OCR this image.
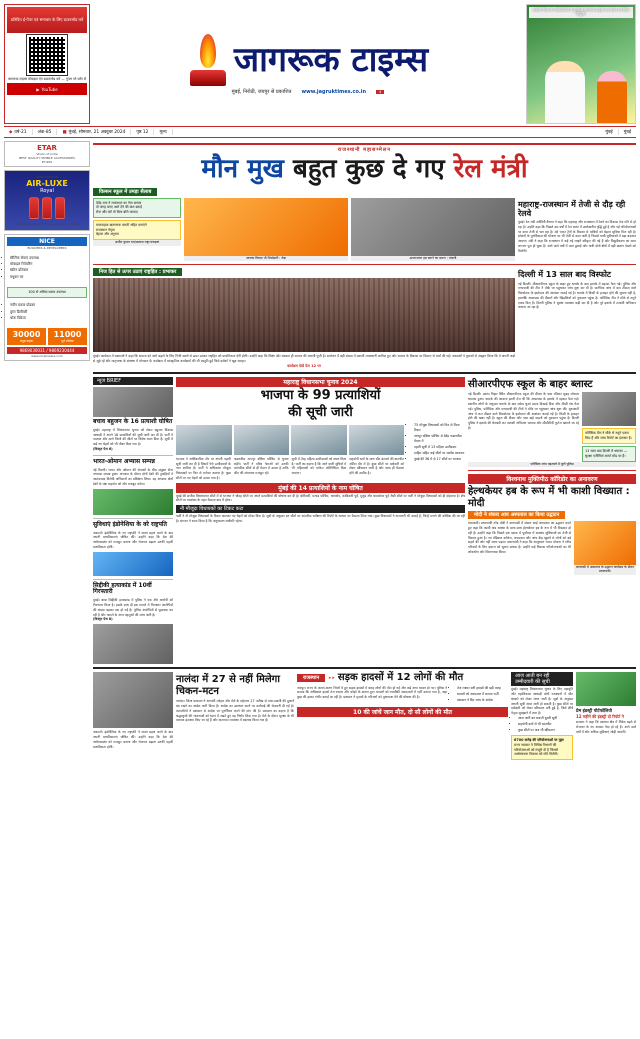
प्रतिदिन ई-पेपर एवं समाचार के लिए डाउनलोड करें
जागरूक टाइम्स मोबाइल ऐप डाउनलोड करें — गूगल प्ले स्टोर से
▶ YouTube
जागरूक टाइम्स
मुंबई, निरोठी, जयपुर से प्रकाशित www.jagruktimes.co.in	4
अजमेर पैनल के अधिकारियों ने मुंबई में जागरूक टाइम्स का प्रचार का किया विठुली
◆ वर्ष-21	अंक-85	■ मुंबई, सोमवार, 21 अक्टूबर 2024	पृष्ठ 12	मूल्य	मुंबई	मुंबई
ETAR
Vision of India
BEST QUALITY MOBILE ACCESSORIES
ET-906
SANDALWOOD
AIR-LUXE
Royal
FOR BULK ENQUIRY CALL +91 8857 73128
NICE
BUILDERS & DEVELOPERS
• सीलिंक सेवाएं उपलब्ध
• मोबाइल रिपेयरिंग
• स्क्रीन प्रोटेक्टर
• मधुकर घर
300 से अधिक प्रकार उपलब्ध
• नवीन प्रकार प्रोडक्ट
• तुरंत डिलीवरी
• थोक विक्रेता
30000
संतुष्ट ग्राहक
11000
पूर्ण प्रोजेक्ट
9869030031 / 9869230444
www.niceinware.com
राजस्थानी महासम्मेलन
मौन मुख बहुत कुछ दे गए रेल मंत्री
विल्सन स्कूल में उमड़ा सैलाब
देवेंद्र राज ने राजस्थान का नेता बनाया
दो जगह बनए आते देने की बात बताई
रोज़ और करें तो बिना बोले फायदा
मालवाहक खतरनाक मराठी सहित बनाएंगे
राजस्थान नेतृत्व
बेहतर और अनुभव
अजीत कुमार राय/प्रात्यक्ष राष्ट्रा मंत्राइयां
आपका विधवा भी जिम्मेदारी : रोडा	ऊपराजधन हब बनाने का सपना : मंत्राली
महाराष्ट्र-राजस्थान में तेजी से दौड़ रही रेलवे
मुंबई। रेल मंत्री अश्विनी वैष्णव ने कहा कि महाराष्ट्र और राजस्थान में रेलवे का विकास तेज गति से हो रहा है। उन्होंने कहा कि पिछले दस वर्षों में रेल बजट में उल्लेखनीय वृद्धि हुई है और नई परियोजनाओं पर काम तेजी से चल रहा है। वंदे भारत ट्रेनों के विस्तार से यात्रियों को बेहतर सुविधा मिल रही है। स्टेशनों के पुनर्विकास की योजना पर भी तेजी से काम जारी है जिससे यात्री सुविधाओं में बड़ा बदलाव आएगा। मंत्री ने कहा कि राजस्थान में कई नई लाइनें स्वीकृत की गई हैं और विद्युतीकरण का काम लगभग पूरा हो चुका है। आने वाले वर्षों में माल ढुलाई और यात्री दोनों क्षेत्रों में बड़ी छलांग देखने को मिलेगी।
निज हित से ऊपर उठाएं राष्ट्रहित : प्रभाकर
मुंबई। कार्यक्रम में वक्ताओं ने कहा कि समाज को आगे बढ़ाने के लिए निजी स्वार्थ से ऊपर उठकर राष्ट्रहित को प्राथमिकता देनी होगी। उन्होंने कहा कि शिक्षा और संस्कार ही समाज की असली पूंजी हैं। सम्मेलन में बड़ी संख्या में प्रवासी राजस्थानी शामिल हुए और समाज के विकास पर विस्तार से चर्चा की गई। वक्ताओं ने युवाओं से आह्वान किया कि वे अपनी जड़ों से जुड़े रहें और मातृभाषा के संरक्षण में योगदान दें। कार्यक्रम में सांस्कृतिक कार्यक्रमों की भी प्रस्तुति हुई जिसे दर्शकों ने खूब सराहा।
कार्यक्रम देखें पेज 12 पर
दिल्ली में 13 साल बाद विस्फोट
नई दिल्ली। सीआरपीएफ स्कूल के बाहर हुए धमाके के बाद इलाके में दहशत फैल गई। पुलिस और एनएसजी की टीम ने मौके पर पहुंचकर जांच शुरू कर दी है। प्रारंभिक जांच में कम तीव्रता वाले विस्फोटक के इस्तेमाल की आशंका जताई गई है। धमाके में किसी के हताहत होने की सूचना नहीं है, हालांकि आसपास की दीवारों और खिड़कियों को नुकसान पहुंचा है। फोरेंसिक टीम ने मौके से नमूने एकत्र किए हैं। दिल्ली पुलिस ने सुरक्षा व्यवस्था कड़ी कर दी है और पूरे इलाके में तलाशी अभियान चलाया जा रहा है।
न्यूज BRIEF
बचाव बहुजन के 16 प्रत्याशी घोषित
मुंबई। महाराष्ट्र में विधानसभा चुनाव को लेकर बहुजन विकास आघाड़ी ने अपने 16 प्रत्याशियों की सूची जारी कर दी है। पार्टी ने पालघर और ठाणे जिलों की सीटों पर विशेष ध्यान दिया है। सूची में कई नए चेहरों को भी मौका दिया गया है।
(विस्तृत पेज 6)
भारत-ओमान अभ्यास सम्पन्न
नई दिल्ली। भारत और ओमान की सेनाओं के बीच संयुक्त सैन्य अभ्यास सम्पन्न हुआ। अभ्यास के दौरान दोनों देशों की टुकड़ियों ने आतंकवाद विरोधी अभियानों का प्रशिक्षण लिया। यह अभ्यास दोनों देशों के रक्षा सहयोग को और मजबूत करेगा।
सुविधाएं इंडोनेशिया के वरे राष्ट्रपति
जकार्ता। इंडोनेशिया के नए राष्ट्रपति ने शपथ ग्रहण करने के बाद अपनी प्राथमिकताएं घोषित कीं। उन्होंने कहा कि देश की अर्थव्यवस्था को मजबूत बनाना और रोजगार बढ़ाना उनकी पहली प्राथमिकता होगी।
सिद्दीकी हत्याकांड में 10वीं गिरफ्तारी
मुंबई। बाबा सिद्दीकी हत्याकांड में पुलिस ने एक और आरोपी को गिरफ्तार किया है। इसके साथ ही इस मामले में गिरफ्तार आरोपियों की संख्या बढ़कर दस हो गई है। पुलिस आरोपियों से पूछताछ कर रही है और मामले के अन्य पहलुओं की जांच जारी है।
(विस्तृत पेज 8)
महाराष्ट्र विधानसभा चुनाव 2024
भाजपा के 99 प्रत्याशियों
की सूची जारी
भाजपा ने आधिकारिक तौर पर अपनी पहली सूची जारी कर दी है जिसमें 99 उम्मीदवारों के नाम शामिल हैं। पार्टी ने अधिकांश मौजूदा विधायकों पर फिर से भरोसा जताया है। कुछ सीटों पर नए चेहरों को उतारा गया है।
फडणवीस नागपुर दक्षिण पश्चिम से चुनाव लड़ेंगे। पार्टी ने वरिष्ठ नेताओं को उनकी पारंपरिक सीटों से ही मैदान में उतारा है ताकि जीत की संभावना मजबूत रहे।
सूची में तेरह महिला उम्मीदवारों को स्थान मिला है। पार्टी का कहना है कि आने वाली सूचियों में भी महिलाओं को पर्याप्त प्रतिनिधित्व दिया जाएगा।
सहयोगी दलों के साथ सीट बंटवारे की बातचीत अंतिम दौर में है। कुछ सीटों पर दावेदारी को लेकर खींचतान जारी है और जल्द ही फैसला होने की उम्मीद है।
• 75 मौजूदा विधायकों को फिर से मिला टिकट
• नागपुर दक्षिण पश्चिम से देवेंद्र फडणवीस मैदान में
• पहली सूची में 13 महिला उम्मीदवार
• माहिम सहित कई सीटों पर सस्पेंस बरकरार
• मुंबई की 36 में से 17 सीटों पर भाजपा
मुंबई की 14 प्रत्याशियों के नाम घोषित
मुंबई की छत्तीस विधानसभा सीटों में से भाजपा ने चौदह सीटों पर अपने प्रत्याशियों की घोषणा कर दी है। बोरीवली, मलाड पश्चिम, चारकोप, कांदिवली पूर्व, मुलुंड और घाटकोपर पूर्व जैसी सीटों पर पार्टी ने मौजूदा विधायकों को ही दोहराया है। शेष सीटों पर गठबंधन के तहत फैसला बाद में होगा।
नौ मौजूदा विधायकों का टिकट कटा
पार्टी ने नौ मौजूदा विधायकों के टिकट काटकर नए चेहरों को मौका दिया है। सूत्रों के अनुसार इन सीटों पर आंतरिक सर्वेक्षण की रिपोर्ट के आधार पर फैसला लिया गया। कुछ विधायकों ने नाराजगी भी जताई है, जिन्हें मनाने की कोशिश की जा रही है। संगठन ने साफ किया है कि अनुशासन सर्वोपरि रहेगा।
सीआरपीएफ स्कूल के बाहर ब्लास्ट
नई दिल्ली। प्रशांत विहार स्थित सीआरपीएफ स्कूल की दीवार के पास रविवार सुबह जोरदार धमाका हुआ। धमाके की आवाज इतनी तेज थी कि आसपास के इलाके में दहशत फैल गई। स्थानीय लोगों के अनुसार धमाके के बाद सफेद धुआं उठता दिखाई दिया और तीखी गंध फैल गई। पुलिस, फोरेंसिक और एनएसजी की टीमों ने मौके पर पहुंचकर जांच शुरू की। शुरुआती जांच में कम तीव्रता वाले विस्फोटक के इस्तेमाल की आशंका जताई गई है। किसी के हताहत होने की खबर नहीं है। स्कूल की दीवार और पास खड़े वाहनों को नुकसान पहुंचा है। दिल्ली पुलिस ने इलाके की घेराबंदी कर तलाशी अभियान चलाया और सीसीटीवी फुटेज खंगाले जा रहे हैं।
फोरेंसिक टीम ने मौके से नमूने एकत्र किए हैं और जांच रिपोर्ट का इंतजार है।
13 साल बाद दिल्ली में धमाका — सुरक्षा एजेंसियां अलर्ट मोड पर हैं।
फोरेंसिक जांच पड़तालों में जुटी पुलिस
विश्वनाथ मुक्तिपीठ कॉरिडोर का अनावरण
हेल्थकेयर हब के रूप में भी काशी विख्यात : मोदी
मोदी ने शंकरा आय अस्पताल का किया उद्घाटन
वाराणसी। प्रधानमंत्री नरेंद्र मोदी ने वाराणसी में शंकरा आई अस्पताल का उद्घाटन करते हुए कहा कि काशी अब आस्था के साथ-साथ हेल्थकेयर हब के रूप में भी विख्यात हो रही है। उन्होंने कहा कि पिछले एक दशक में पूर्वांचल में स्वास्थ्य सुविधाओं का तेजी से विस्तार हुआ है। नए मेडिकल कॉलेज, अस्पताल और जांच केंद्र खुलने से लोगों को बड़े शहरों की ओर नहीं जाना पड़ता। प्रधानमंत्री ने कहा कि आयुष्मान भारत योजना ने गरीब परिवारों के लिए इलाज को सुलभ बनाया है। उन्होंने कई विकास परियोजनाओं का भी लोकार्पण और शिलान्यास किया।
वाराणसी में अस्पताल के उद्घाटन कार्यक्रम के दौरान प्रधानमंत्री।
जकार्ता। इंडोनेशिया के नए राष्ट्रपति ने शपथ ग्रहण करने के बाद अपनी प्राथमिकताएं घोषित कीं। उन्होंने कहा कि देश की अर्थव्यवस्था को मजबूत बनाना और रोजगार बढ़ाना उनकी पहली प्राथमिकता होगी।
नालंदा में 27 से नहीं मिलेगा चिकन-मटन
नालंदा। जिला प्रशासन ने आगामी त्योहार और मेले के मद्देनजर 27 तारीख से मांस-मछली की दुकानें बंद रखने का आदेश जारी किया है। आदेश का उल्लंघन करने पर कार्रवाई की चेतावनी दी गई है। व्यापारियों ने प्रशासन से आदेश पर पुनर्विचार करने की मांग की है। प्रशासन का कहना है कि श्रद्धालुओं की भावनाओं को ध्यान में रखते हुए यह निर्णय लिया गया है। मेले के दौरान सुरक्षा के भी व्यापक इंतजाम किए जा रहे हैं और यातायात व्यवस्था में बदलाव किया गया है।
राजस्थान	➤➤ सड़क हादसों में 12 लोगों की मौत
जयपुर। राज्य के अलग-अलग जिलों में हुए सड़क हादसों में बारह लोगों की मौत हो गई और कई अन्य घायल हो गए। पुलिस ने बताया कि अधिकांश हादसे तेज रफ्तार और कोहरे के कारण हुए। घायलों को नजदीकी अस्पतालों में भर्ती कराया गया है, जहां कुछ की हालत गंभीर बताई जा रही है। प्रशासन ने मृतकों के परिजनों को मुआवजा देने की घोषणा की है।
• तेज रफ्तार बनी हादसों की बड़ी वजह
• घायलों को अस्पताल में कराया भर्ती
• प्रशासन ने दिए जांच के आदेश
10 की जांचें जान मौत, दो सौ लोगों की मौत
आज आती बन रही उम्मीदवारी की सूची
मुंबई। महाराष्ट्र विधानसभा चुनाव के लिए महायुति और महाविकास आघाड़ी दोनों गठबंधनों में सीट बंटवारे को लेकर मंथन जारी है। सूत्रों के अनुसार अगली सूची आज जारी हो सकती है। कुछ सीटों पर दावेदारी को लेकर खींचतान बनी हुई है, जिसे शीर्ष नेतृत्व सुलझाने में लगा है।
• आज जारी बन सकती दूसरी सूची
• सहयोगी दलों से भी बातचीत
• कुछ सीटों पर अब भी खींचतान
6700 करोड़ की परियोजनाओं पर मुहर
राज्य सरकार ने विभिन्न विभागों की परियोजनाओं को मंजूरी दी है जिससे अधोसंरचना विकास को गति मिलेगी।
प्रेम इंडस्ट्री पोर्टफोलियो
12 महीने की इंडस्ट्री दो रिपोर्ट ने
सरकार ने कहा कि स्वास्थ्य क्षेत्र में निवेश बढ़ने से रोजगार के नए अवसर पैदा हो रहे हैं। आने वाले वर्षों में और अधिक सुविधाएं जोड़ी जाएंगी।
